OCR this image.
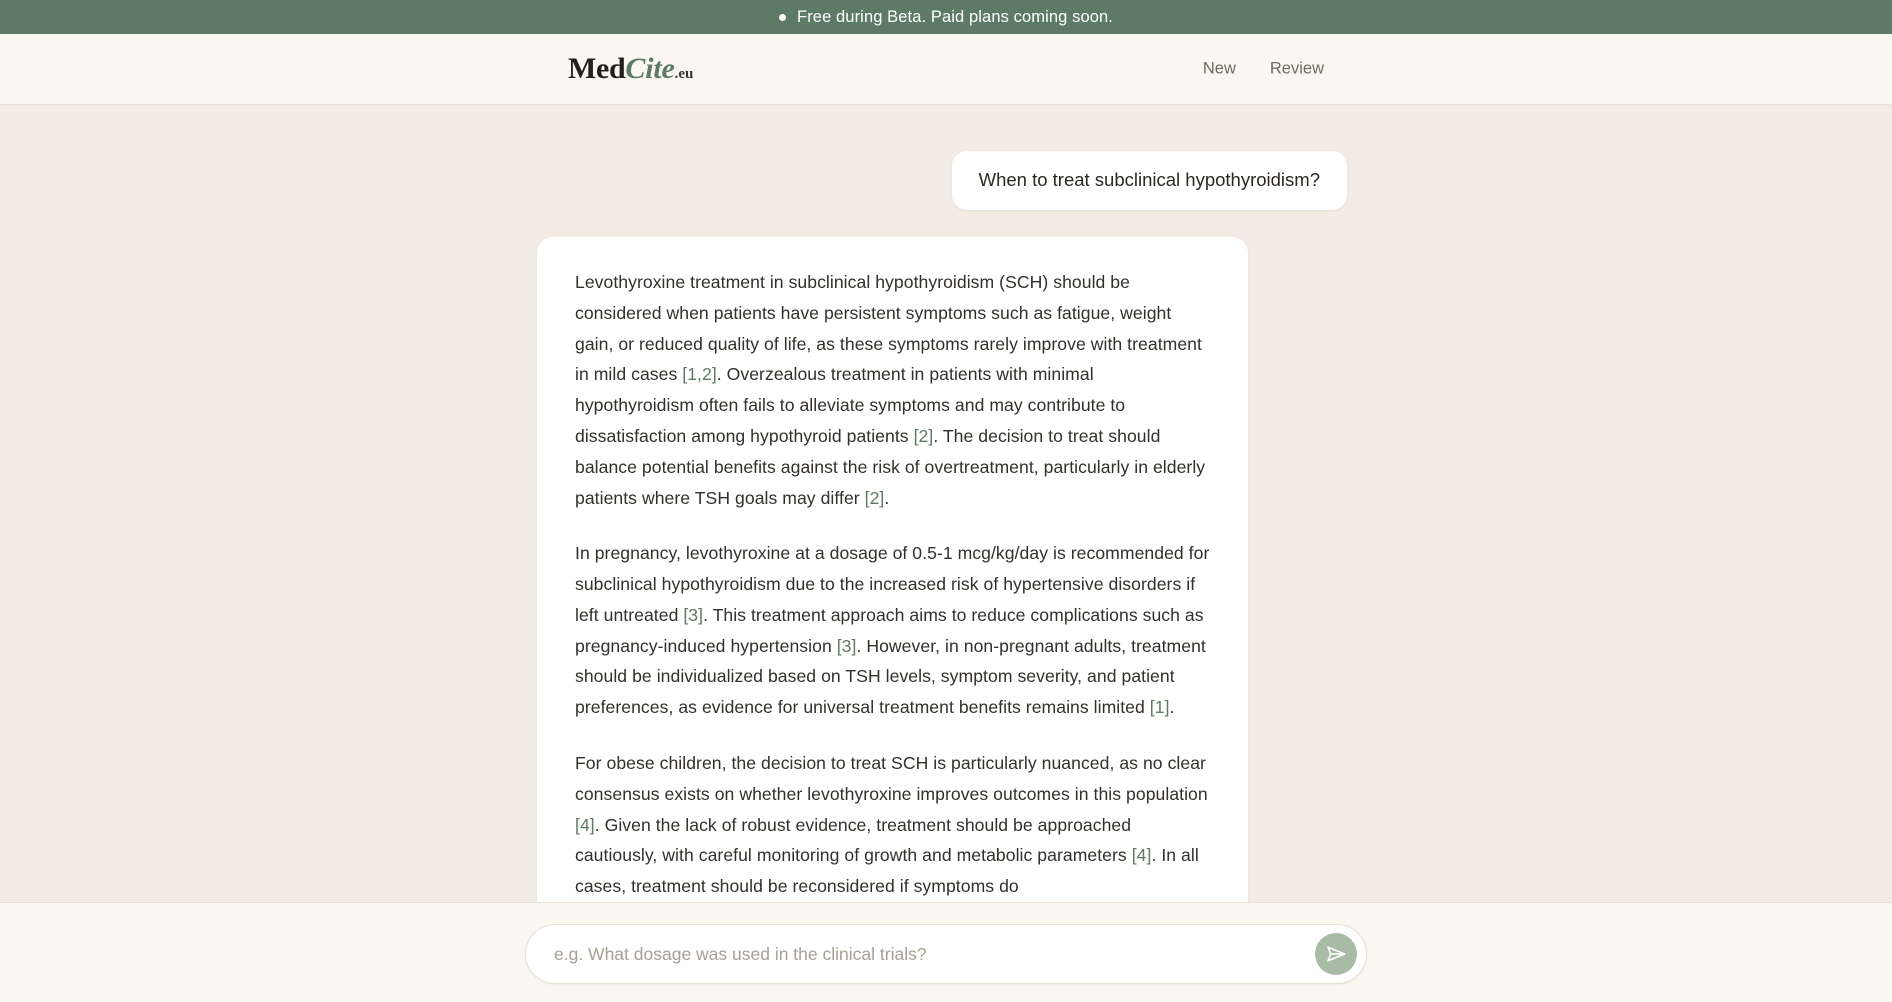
Free during Beta. Paid plans coming soon.
MedCite.eu	New	Review
When to treat subclinical hypothyroidism?

Levothyroxine treatment in subclinical hypothyroidism (SCH) should be considered when patients have persistent symptoms such as fatigue, weight gain, or reduced quality of life, as these symptoms rarely improve with treatment in mild cases [1,2]. Overzealous treatment in patients with minimal hypothyroidism often fails to alleviate symptoms and may contribute to dissatisfaction among hypothyroid patients [2]. The decision to treat should balance potential benefits against the risk of overtreatment, particularly in elderly patients where TSH goals may differ [2].

In pregnancy, levothyroxine at a dosage of 0.5-1 mcg/kg/day is recommended for subclinical hypothyroidism due to the increased risk of hypertensive disorders if left untreated [3]. This treatment approach aims to reduce complications such as pregnancy-induced hypertension [3]. However, in non-pregnant adults, treatment should be individualized based on TSH levels, symptom severity, and patient preferences, as evidence for universal treatment benefits remains limited [1].

For obese children, the decision to treat SCH is particularly nuanced, as no clear consensus exists on whether levothyroxine improves outcomes in this population [4]. Given the lack of robust evidence, treatment should be approached cautiously, with careful monitoring of growth and metabolic parameters [4]. In all cases, treatment should be reconsidered if symptoms do

e.g. What dosage was used in the clinical trials?
